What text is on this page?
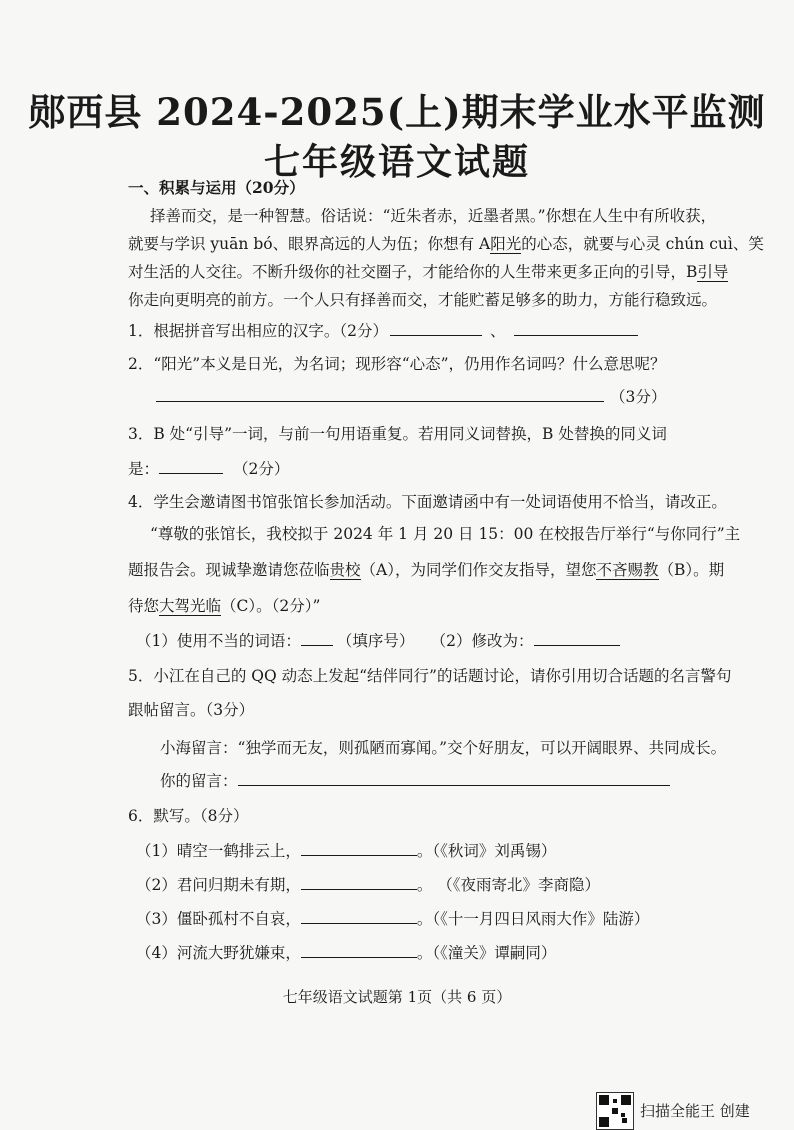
郧西县 2024-2025(上)期末学业水平监测
七年级语文试题
一、积累与运用（20分）
择善而交，是一种智慧。俗话说：“近朱者赤，近墨者黑。”你想在人生中有所收获，
就要与学识 yuān bó、眼界高远的人为伍；你想有 A阳光的心态，就要与心灵 chún cuì、笑
对生活的人交往。不断升级你的社交圈子，才能给你的人生带来更多正向的引导，B引导
你走向更明亮的前方。一个人只有择善而交，才能贮蓄足够多的助力，方能行稳致远。
1．根据拼音写出相应的汉字。（2分）	、
2．“阳光”本义是日光，为名词；现形容“心态”，仍用作名词吗？什么意思呢？
（3分）
3．B 处“引导”一词，与前一句用语重复。若用同义词替换，B 处替换的同义词
是：	（2分）
4．学生会邀请图书馆张馆长参加活动。下面邀请函中有一处词语使用不恰当，请改正。
“尊敬的张馆长，我校拟于 2024 年 1 月 20 日 15：00 在校报告厅举行“与你同行”主
题报告会。现诚挚邀请您莅临贵校（A），为同学们作交友指导，望您不吝赐教（B）。期
待您大驾光临（C）。（2分）”
（1）使用不当的词语： （填序号） （2）修改为：
5．小江在自己的 QQ 动态上发起“结伴同行”的话题讨论，请你引用切合话题的名言警句
跟帖留言。（3分）
小海留言：“独学而无友，则孤陋而寡闻。”交个好朋友，可以开阔眼界、共同成长。
你的留言：
6．默写。（8分）
（1）晴空一鹤排云上，	。（《秋词》刘禹锡）
（2）君问归期未有期，	。 （《夜雨寄北》李商隐）
（3）僵卧孤村不自哀，	。（《十一月四日风雨大作》陆游）
（4）河流大野犹嫌束，	。（《潼关》谭嗣同）
七年级语文试题第 1页（共 6 页）
扫描全能王 创建
